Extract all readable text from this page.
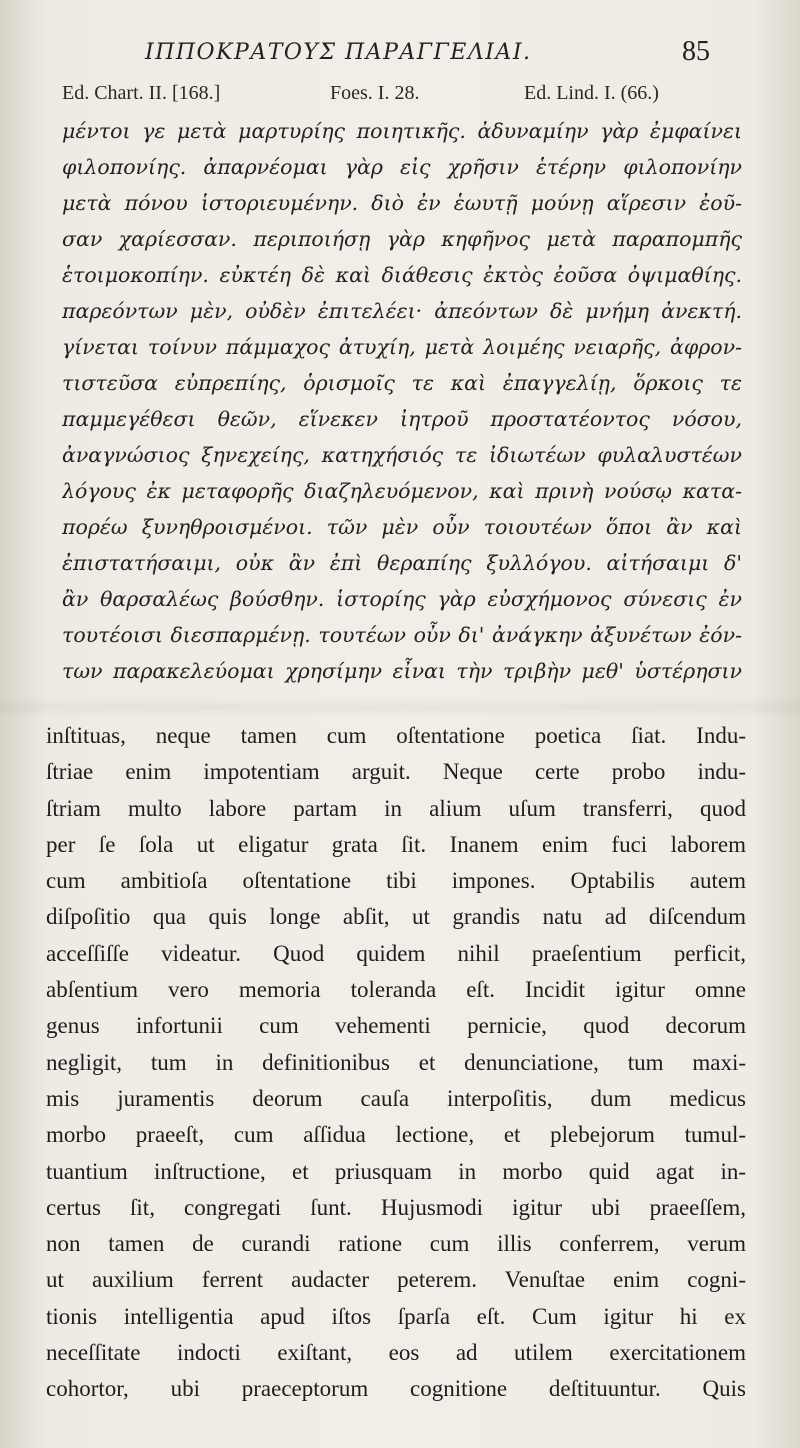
ΙΠΠΟΚΡΑΤΟΥΣ ΠΑΡΑΓΓΕΛΙΑΙ.	85
Ed. Chart. II. [168.]	Foes. I. 28.	Ed. Lind. I. (66.)
μέντοι γε μετὰ μαρτυρίης ποιητικῆς. ἀδυναμίην γὰρ ἐμφαίνει
φιλοπονίης. ἀπαρνέομαι γὰρ εἰς χρῆσιν ἑτέρην φιλοπονίην
μετὰ πόνου ἱστοριευμένην. διὸ ἐν ἑωυτῇ μούνῃ αἵρεσιν ἐοῦ-
σαν χαρίεσσαν. περιποιήσῃ γὰρ κηφῆνος μετὰ παραπομπῆς
ἑτοιμοκοπίην. εὐκτέη δὲ καὶ διάθεσις ἐκτὸς ἐοῦσα ὀψιμαθίης.
παρεόντων μὲν, οὐδὲν ἐπιτελέει· ἀπεόντων δὲ μνήμη ἀνεκτή.
γίνεται τοίνυν πάμμαχος ἀτυχίη, μετὰ λοιμέης νειαρῆς, ἀφρον-
τιστεῦσα εὐπρεπίης, ὁρισμοῖς τε καὶ ἐπαγγελίῃ, ὅρκοις τε
παμμεγέθεσι θεῶν, εἵνεκεν ἰητροῦ προστατέοντος νόσου,
ἀναγνώσιος ξηνεχείης, κατηχήσιός τε ἰδιωτέων φυλαλυστέων
λόγους ἐκ μεταφορῆς διαζηλευόμενον, καὶ πρινὴ νούσῳ κατα-
πορέω ξυνηθροισμένοι. τῶν μὲν οὖν τοιουτέων ὅποι ἂν καὶ
ἐπιστατήσαιμι, οὐκ ἂν ἐπὶ θεραπίης ξυλλόγου. αἰτήσαιμι δ'
ἂν θαρσαλέως βούσθην. ἱστορίης γὰρ εὐσχήμονος σύνεσις ἐν
τουτέοισι διεσπαρμένῃ. τουτέων οὖν δι' ἀνάγκην ἀξυνέτων ἐόν-
των παρακελεύομαι χρησίμην εἶναι τὴν τριβὴν μεθ' ὑστέρησιν
inſtituas, neque tamen cum oſtentatione poetica ſiat. Indu-
ſtriae enim impotentiam arguit. Neque certe probo indu-
ſtriam multo labore partam in alium uſum transferri, quod
per ſe ſola ut eligatur grata ſit. Inanem enim fuci laborem
cum ambitioſa oſtentatione tibi impones. Optabilis autem
diſpoſitio qua quis longe abſit, ut grandis natu ad diſcendum
acceſſiſſe videatur. Quod quidem nihil praeſentium perficit,
abſentium vero memoria toleranda eſt. Incidit igitur omne
genus infortunii cum vehementi pernicie, quod decorum
negligit, tum in definitionibus et denunciatione, tum maxi-
mis juramentis deorum cauſa interpoſitis, dum medicus
morbo praeeſt, cum aſſidua lectione, et plebejorum tumul-
tuantium inſtructione, et priusquam in morbo quid agat in-
certus ſit, congregati ſunt. Hujusmodi igitur ubi praeeſſem,
non tamen de curandi ratione cum illis conferrem, verum
ut auxilium ferrent audacter peterem. Venuſtae enim cogni-
tionis intelligentia apud iſtos ſparſa eſt. Cum igitur hi ex
neceſſitate indocti exiſtant, eos ad utilem exercitationem
cohortor, ubi praeceptorum cognitione deſtituuntur. Quis
